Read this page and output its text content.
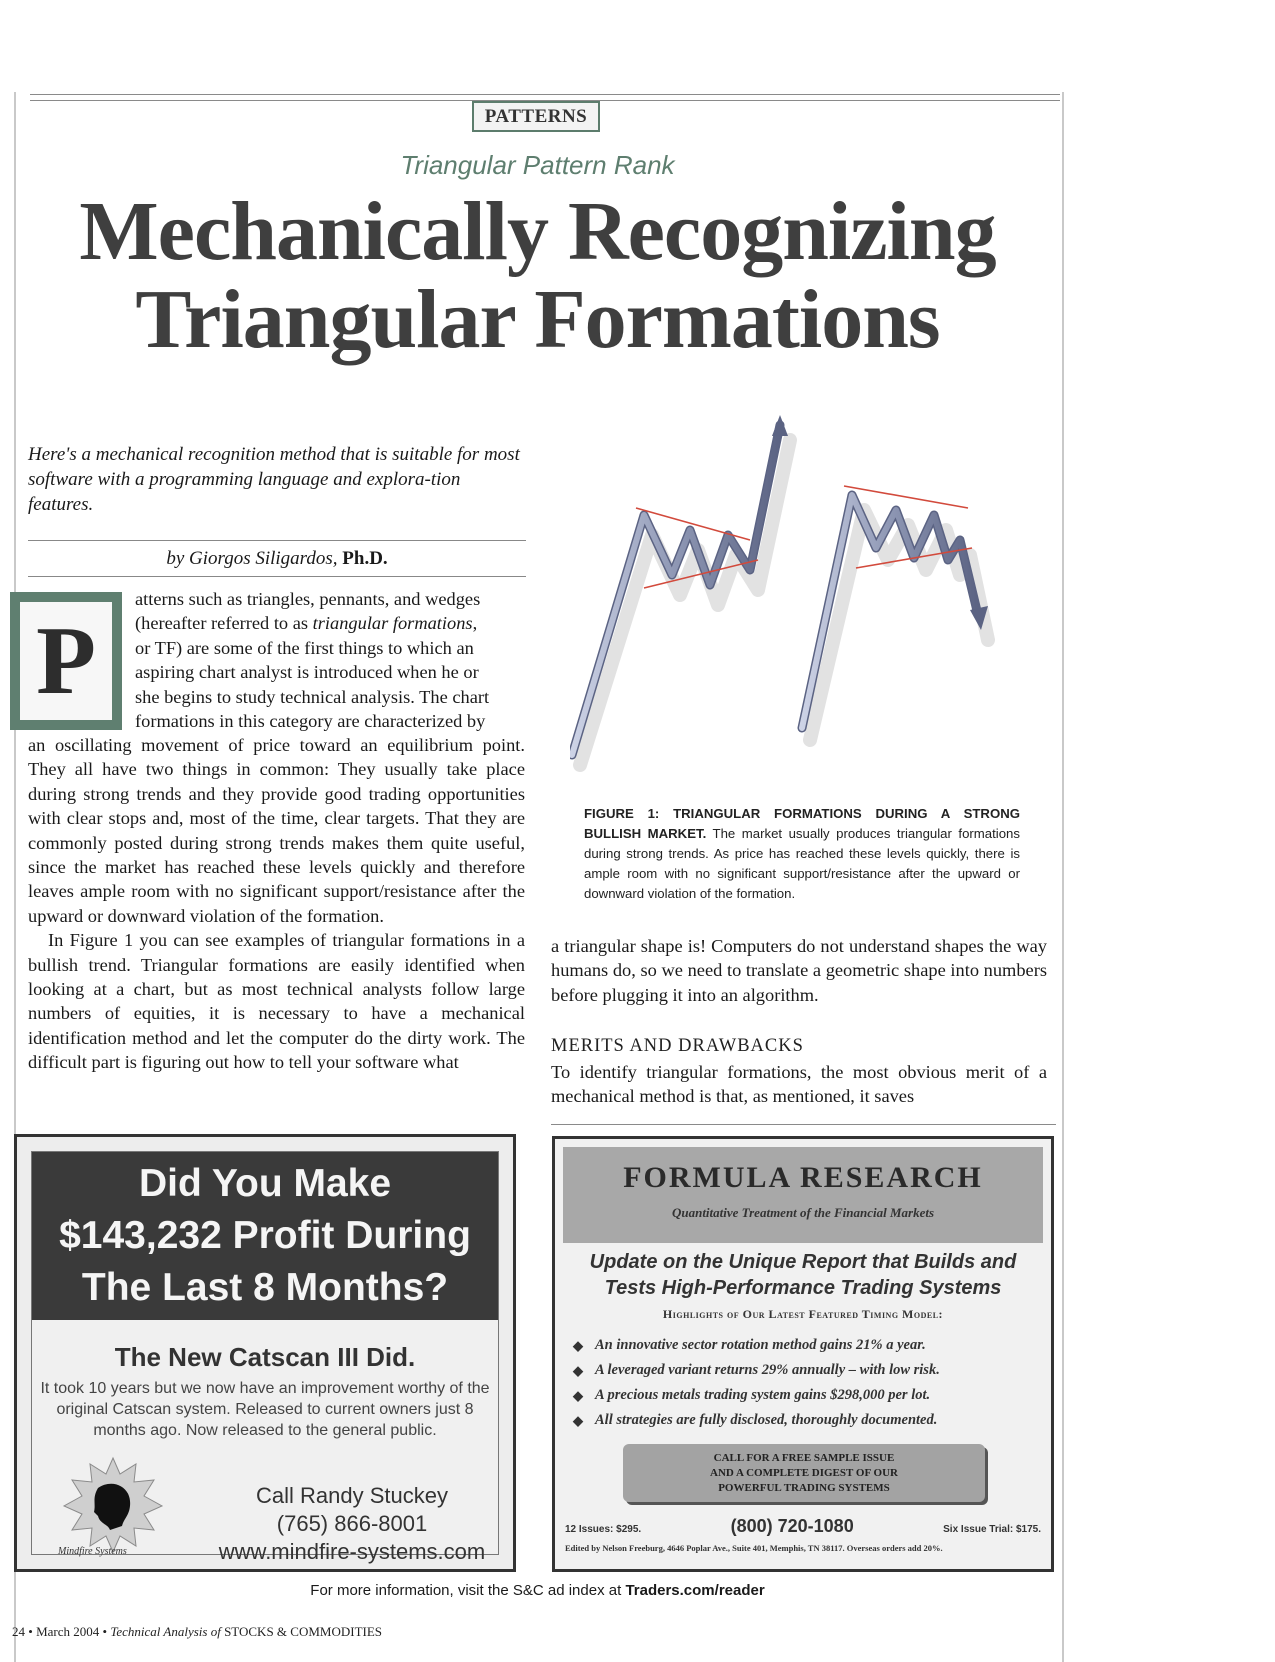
PATTERNS
Triangular Pattern Rank
Mechanically Recognizing
Triangular Formations
Here's a mechanical recognition method that is suitable for most software with a programming language and explora-tion features.
by Giorgos Siligardos, Ph.D.
P
atterns such as triangles, pennants, and wedges
(hereafter referred to as triangular formations,
or TF) are some of the first things to which an
aspiring chart analyst is introduced when he or
she begins to study technical analysis. The chart
formations in this category are characterized by

an oscillating movement of price toward an equilibrium point. They all have two things in common: They usually take place during strong trends and they provide good trading opportunities with clear stops and, most of the time, clear targets. That they are commonly posted during strong trends makes them quite useful, since the market has reached these levels quickly and therefore leaves ample room with no significant support/resistance after the upward or downward violation of the formation.

In Figure 1 you can see examples of triangular formations in a bullish trend. Triangular formations are easily identified when looking at a chart, but as most technical analysts follow large numbers of equities, it is necessary to have a mechanical identification method and let the computer do the dirty work. The difficult part is figuring out how to tell your software what

a triangular shape is! Computers do not understand shapes the way humans do, so we need to translate a geometric shape into numbers before plugging it into an algorithm.

MERITS AND DRAWBACKS

To identify triangular formations, the most obvious merit of a mechanical method is that, as mentioned, it saves

FIGURE 1: TRIANGULAR FORMATIONS DURING A STRONG BULLISH MARKET. The market usually produces triangular formations during strong trends. As price has reached these levels quickly, there is ample room with no significant support/resistance after the upward or downward violation of the formation.
Did You Make $143,232 Profit During The Last 8 Months?
The New Catscan III Did.
It took 10 years but we now have an improvement worthy of the original Catscan system. Released to current owners just 8 months ago. Now released to the general public.
Mindfire Systems
Call Randy Stuckey
(765) 866-8001
www.mindfire-systems.com
FORMULA RESEARCH
Quantitative Treatment of the Financial Markets
Update on the Unique Report that Builds and Tests High-Performance Trading Systems
Highlights of Our Latest Featured Timing Model:
◆ An innovative sector rotation method gains 21% a year.
◆ A leveraged variant returns 29% annually – with low risk.
◆ A precious metals trading system gains $298,000 per lot.
◆ All strategies are fully disclosed, thoroughly documented.
CALL FOR A FREE SAMPLE ISSUE
AND A COMPLETE DIGEST OF OUR
POWERFUL TRADING SYSTEMS
12 Issues: $295.	(800) 720-1080	Six Issue Trial: $175.
Edited by Nelson Freeburg, 4646 Poplar Ave., Suite 401, Memphis, TN 38117. Overseas orders add 20%.
For more information, visit the S&C ad index at Traders.com/reader
24 • March 2004 • Technical Analysis of STOCKS & COMMODITIES
